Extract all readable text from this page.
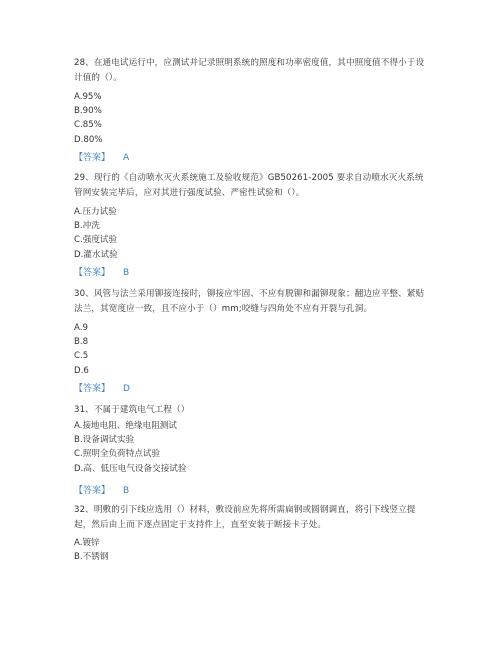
28、在通电试运行中，应测试并记录照明系统的照度和功率密度值，其中照度值不得小于设计值的（）。

A.95%

B.90%

C.85%

D.80%

【答案】 A

29、现行的《自动喷水灭火系统施工及验收规范》GB50261-2005 要求自动喷水灭火系统管网安装完毕后，应对其进行强度试验、严密性试验和（）。

A.压力试验

B.冲洗

C.强度试验

D.灌水试验

【答案】 B

30、风管与法兰采用铆接连接时，铆接应牢固、不应有脱铆和漏铆现象；翻边应平整、紧贴法兰，其宽度应一致，且不应小于（）mm;咬缝与四角处不应有开裂与孔洞。

A.9

B.8

C.5

D.6

【答案】 D

31、不属于建筑电气工程（）

A.接地电阻、绝缘电阻测试

B.设备调试实验

C.照明全负荷特点试验

D.高、低压电气设备交接试验

【答案】 B

32、明敷的引下线应选用（）材料，敷设前应先将所需扁钢或圆钢调直，将引下线竖立提起，然后由上而下逐点固定于支持件上，直至安装于断接卡子处。

A.镀锌

B.不锈钢
